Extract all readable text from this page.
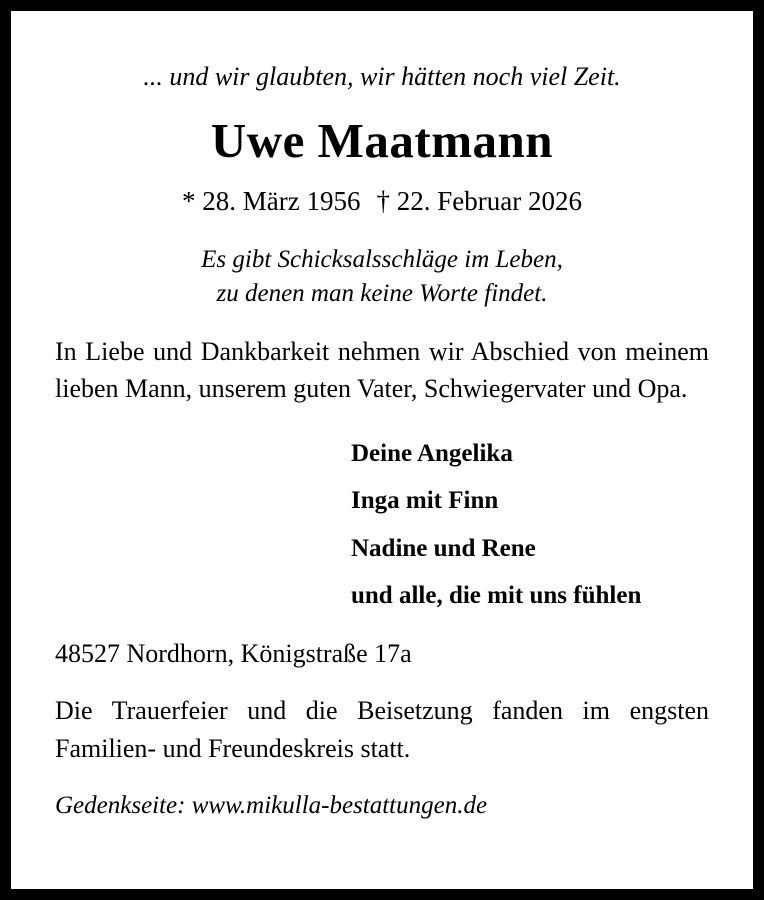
... und wir glaubten, wir hätten noch viel Zeit.
Uwe Maatmann
* 28. März 1956 † 22. Februar 2026
Es gibt Schicksalsschläge im Leben,
zu denen man keine Worte findet.
In Liebe und Dankbarkeit nehmen wir Abschied von meinem lieben Mann, unserem guten Vater, Schwiegervater und Opa.
Deine Angelika
Inga mit Finn
Nadine und Rene
und alle, die mit uns fühlen
48527 Nordhorn, Königstraße 17a
Die Trauerfeier und die Beisetzung fanden im engsten Familien- und Freundeskreis statt.
Gedenkseite: www.mikulla-bestattungen.de
